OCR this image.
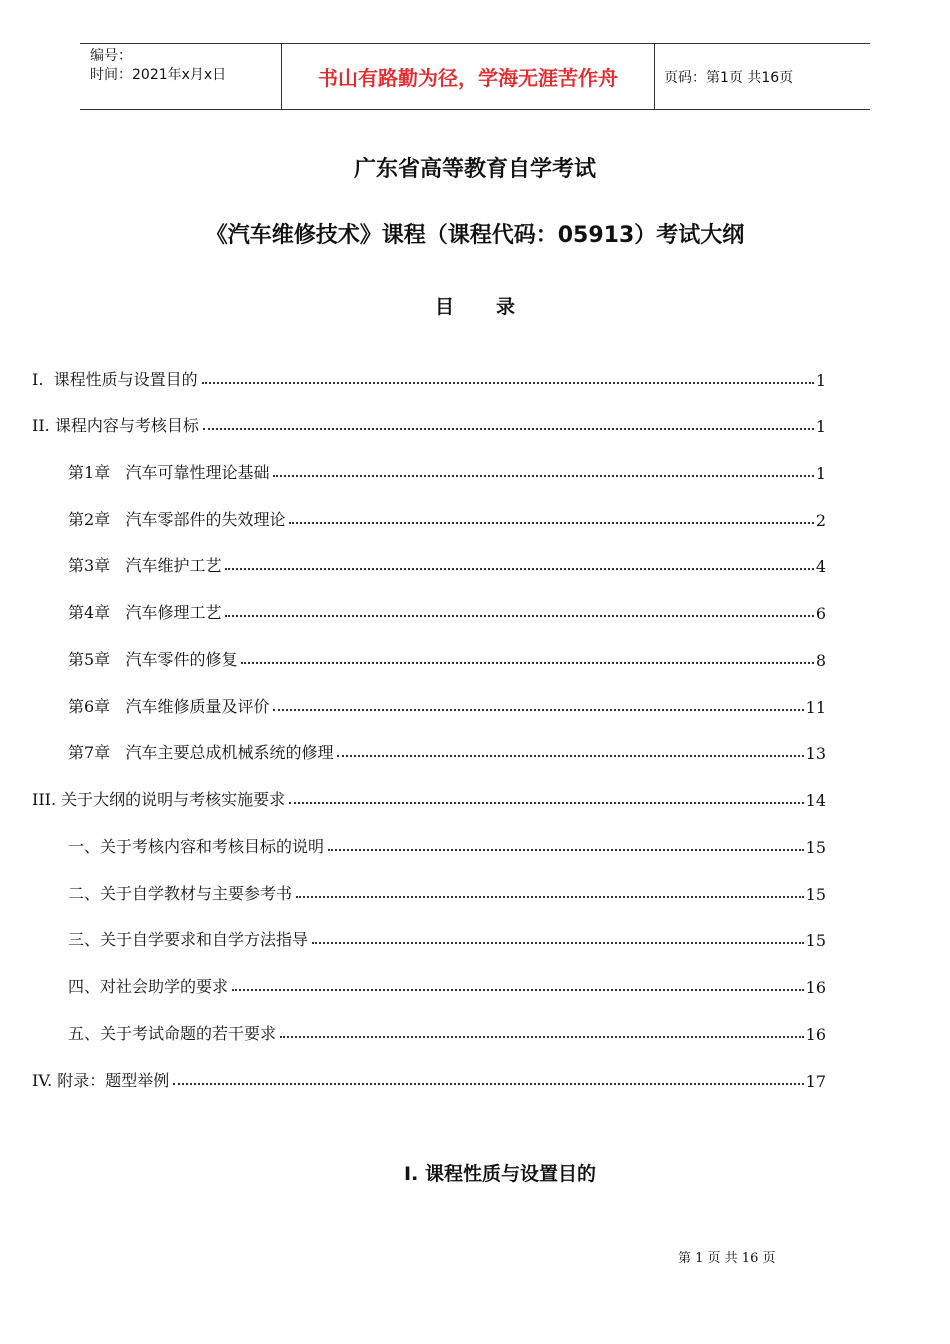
编号：
时间：2021年x月x日	书山有路勤为径，学海无涯苦作舟	页码：第1页 共16页
广东省高等教育自学考试
《汽车维修技术》课程（课程代码：05913）考试大纲
目录
I.  课程性质与设置目的	1
II. 课程内容与考核目标	1
第1章   汽车可靠性理论基础	1
第2章   汽车零部件的失效理论	2
第3章   汽车维护工艺	4
第4章   汽车修理工艺	6
第5章   汽车零件的修复	8
第6章   汽车维修质量及评价	11
第7章   汽车主要总成机械系统的修理	13
III. 关于大纲的说明与考核实施要求	14
一、关于考核内容和考核目标的说明	15
二、关于自学教材与主要参考书	15
三、关于自学要求和自学方法指导	15
四、对社会助学的要求	16
五、关于考试命题的若干要求	16
IV. 附录：题型举例	17
I. 课程性质与设置目的
第 1 页 共 16 页
